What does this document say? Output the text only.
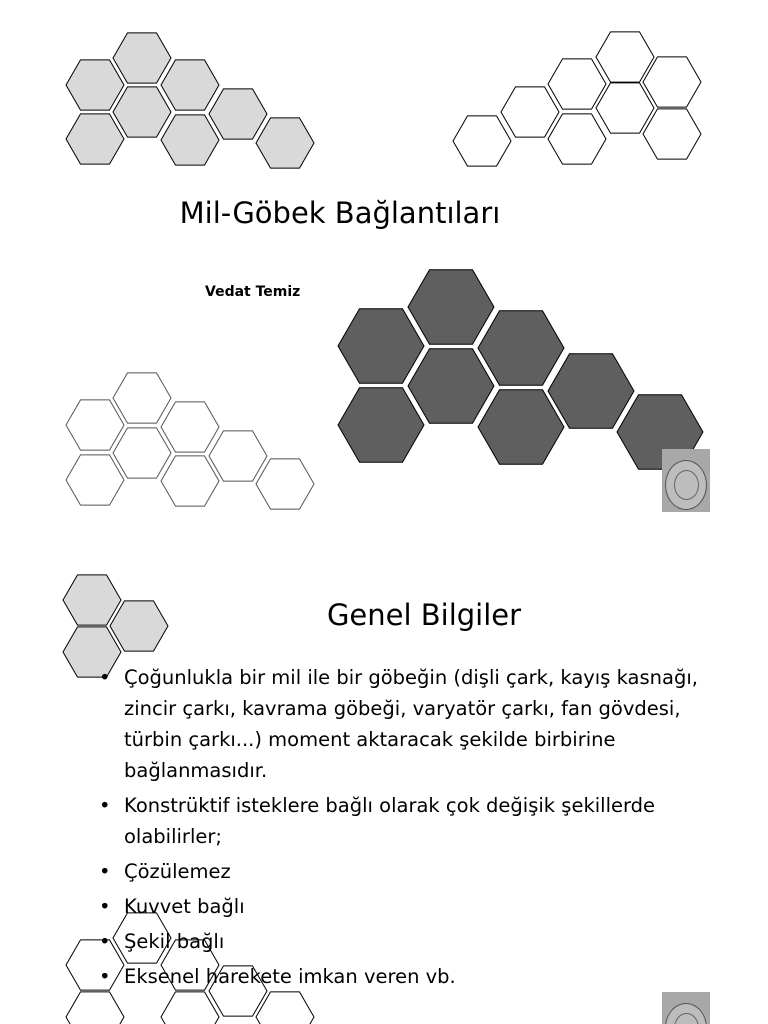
Mil-Göbek Bağlantıları

Vedat Temiz

Genel Bilgiler
• Çoğunlukla bir mil ile bir göbeğin (dişli çark, kayış kasnağı, zincir çarkı, kavrama göbeği, varyatör çarkı, fan gövdesi, türbin çarkı...) moment aktaracak şekilde birbirine bağlanmasıdır.
• Konstrüktif isteklere bağlı olarak çok değişik şekillerde olabilirler;
• Çözülemez
• Kuvvet bağlı
• Şekil bağlı
• Eksenel harekete imkan veren vb.
